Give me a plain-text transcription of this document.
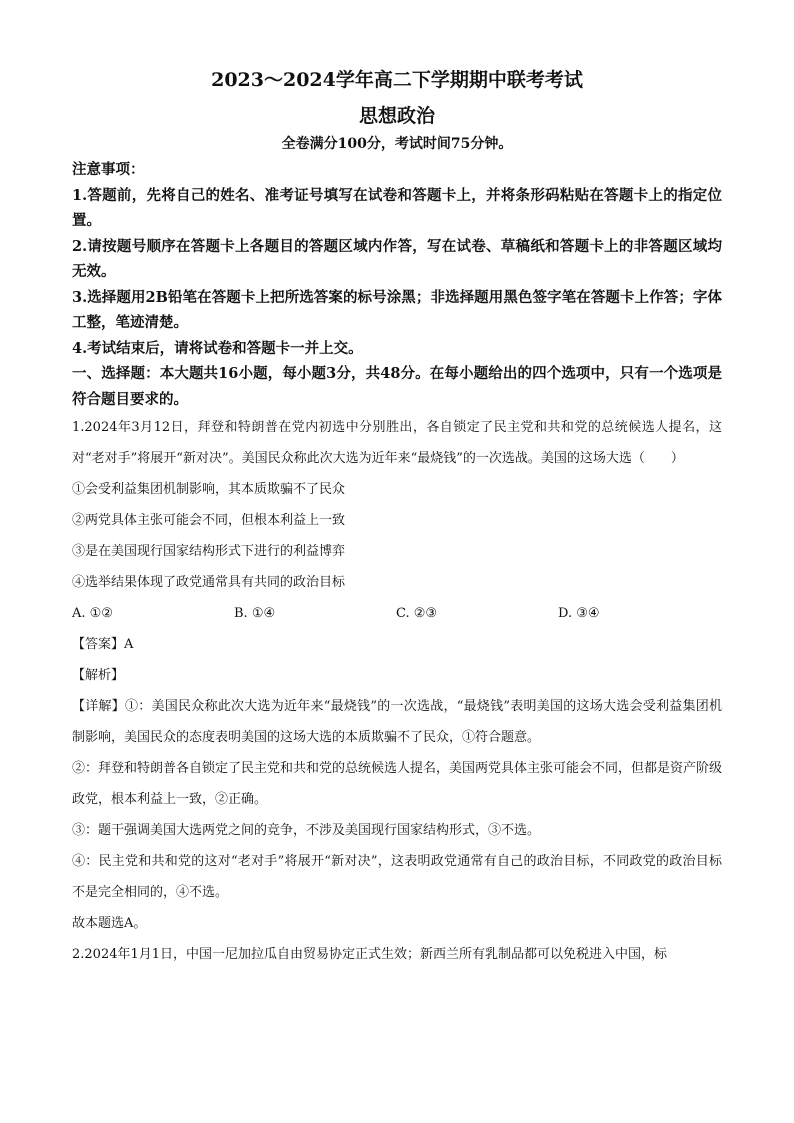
2023～2024学年高二下学期期中联考考试
思想政治

全卷满分100分，考试时间75分钟。

注意事项：

1.答题前，先将自己的姓名、准考证号填写在试卷和答题卡上，并将条形码粘贴在答题卡上的指定位置。

2.请按题号顺序在答题卡上各题目的答题区域内作答，写在试卷、草稿纸和答题卡上的非答题区域均无效。

3.选择题用2B铅笔在答题卡上把所选答案的标号涂黑；非选择题用黑色签字笔在答题卡上作答；字体工整，笔迹清楚。

4.考试结束后，请将试卷和答题卡一并上交。

一、选择题：本大题共16小题，每小题3分，共48分。在每小题给出的四个选项中，只有一个选项是符合题目要求的。

1.2024年3月12日，拜登和特朗普在党内初选中分别胜出，各自锁定了民主党和共和党的总统候选人提名，这对“老对手”将展开“新对决”。美国民众称此次大选为近年来“最烧钱”的一次选战。美国的这场大选（　　）

①会受利益集团机制影响，其本质欺骗不了民众

②两党具体主张可能会不同，但根本利益上一致

③是在美国现行国家结构形式下进行的利益博弈

④选举结果体现了政党通常具有共同的政治目标

A. ①②	B. ①④	C. ②③	D. ③④

【答案】A

【解析】

【详解】①：美国民众称此次大选为近年来“最烧钱”的一次选战，“最烧钱”表明美国的这场大选会受利益集团机制影响，美国民众的态度表明美国的这场大选的本质欺骗不了民众，①符合题意。

②：拜登和特朗普各自锁定了民主党和共和党的总统候选人提名，美国两党具体主张可能会不同，但都是资产阶级政党，根本利益上一致，②正确。

③：题干强调美国大选两党之间的竞争，不涉及美国现行国家结构形式，③不选。

④：民主党和共和党的这对“老对手”将展开“新对决”，这表明政党通常有自己的政治目标，不同政党的政治目标不是完全相同的，④不选。

故本题选A。

2.2024年1月1日，中国一尼加拉瓜自由贸易协定正式生效；新西兰所有乳制品都可以免税进入中国，标
